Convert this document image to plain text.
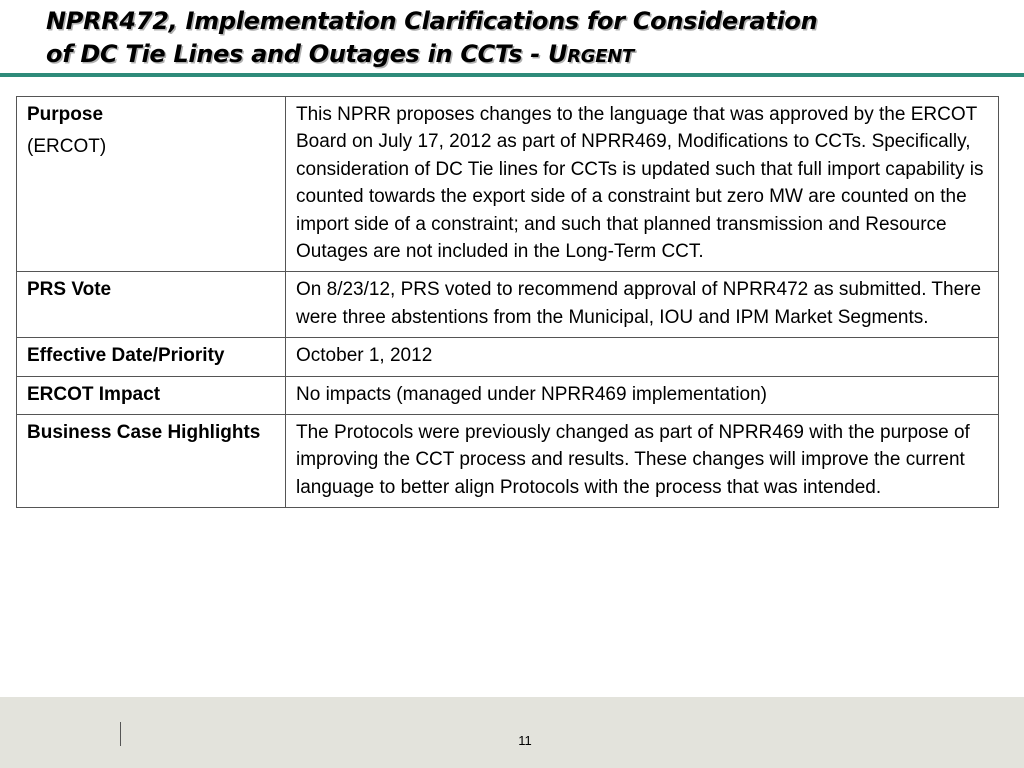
NPRR472, Implementation Clarifications for Consideration
of DC Tie Lines and Outages in CCTs - URGENT
Purpose
(ERCOT)	This NPRR proposes changes to the language that was approved by the ERCOT Board on July 17, 2012 as part of NPRR469, Modifications to CCTs. Specifically, consideration of DC Tie lines for CCTs is updated such that full import capability is counted towards the export side of a constraint but zero MW are counted on the import side of a constraint; and such that planned transmission and Resource Outages are not included in the Long-Term CCT.
PRS Vote	On 8/23/12, PRS voted to recommend approval of NPRR472 as submitted. There were three abstentions from the Municipal, IOU and IPM Market Segments.
Effective Date/Priority	October 1, 2012
ERCOT Impact	No impacts (managed under NPRR469 implementation)
Business Case Highlights	The Protocols were previously changed as part of NPRR469 with the purpose of improving the CCT process and results. These changes will improve the current language to better align Protocols with the process that was intended.
11
